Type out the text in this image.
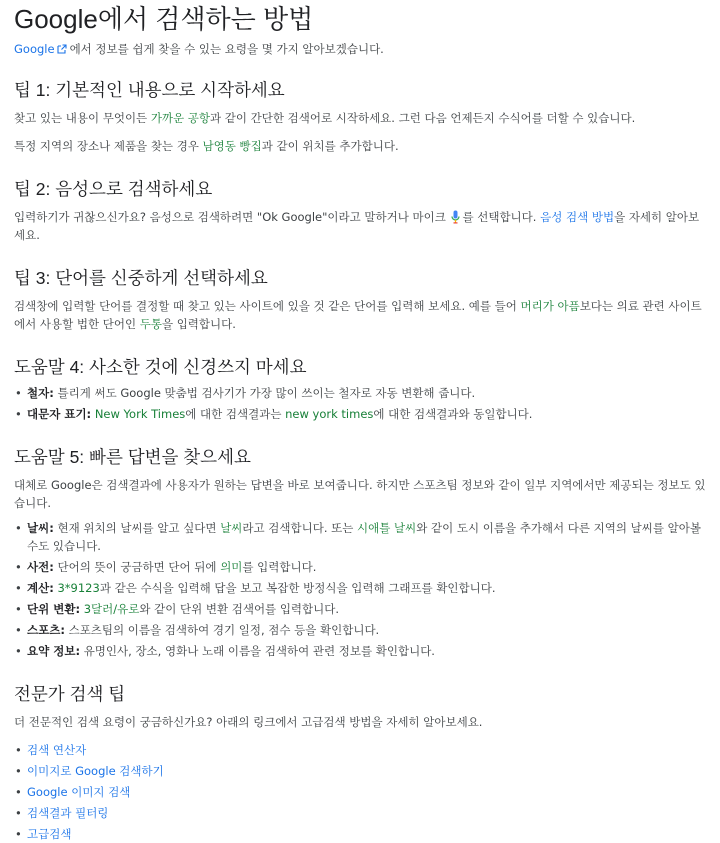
Google에서 검색하는 방법

Google 에서 정보를 쉽게 찾을 수 있는 요령을 몇 가지 알아보겠습니다.

팁 1: 기본적인 내용으로 시작하세요

찾고 있는 내용이 무엇이든 가까운 공항과 같이 간단한 검색어로 시작하세요. 그런 다음 언제든지 수식어를 더할 수 있습니다.

특정 지역의 장소나 제품을 찾는 경우 남영동 빵집과 같이 위치를 추가합니다.

팁 2: 음성으로 검색하세요

입력하기가 귀찮으신가요? 음성으로 검색하려면 "Ok Google"이라고 말하거나 마이크 를 선택합니다. 음성 검색 방법을 자세히 알아보세요.

팁 3: 단어를 신중하게 선택하세요

검색창에 입력할 단어를 결정할 때 찾고 있는 사이트에 있을 것 같은 단어를 입력해 보세요. 예를 들어 머리가 아픔보다는 의료 관련 사이트에서 사용할 법한 단어인 두통을 입력합니다.

도움말 4: 사소한 것에 신경쓰지 마세요
• 철자: 틀리게 써도 Google 맞춤법 검사기가 가장 많이 쓰이는 철자로 자동 변환해 줍니다.
• 대문자 표기: New York Times에 대한 검색결과는 new york times에 대한 검색결과와 동일합니다.
도움말 5: 빠른 답변을 찾으세요

대체로 Google은 검색결과에 사용자가 원하는 답변을 바로 보여줍니다. 하지만 스포츠팀 정보와 같이 일부 지역에서만 제공되는 정보도 있습니다.

• 날씨: 현재 위치의 날씨를 알고 싶다면 날씨라고 검색합니다. 또는 시애틀 날씨와 같이 도시 이름을 추가해서 다른 지역의 날씨를 알아볼 수도 있습니다.
• 사전: 단어의 뜻이 궁금하면 단어 뒤에 의미를 입력합니다.
• 계산: 3*9123과 같은 수식을 입력해 답을 보고 복잡한 방정식을 입력해 그래프를 확인합니다.
• 단위 변환: 3달러/유로와 같이 단위 변환 검색어를 입력합니다.
• 스포츠: 스포츠팀의 이름을 검색하여 경기 일정, 점수 등을 확인합니다.
• 요약 정보: 유명인사, 장소, 영화나 노래 이름을 검색하여 관련 정보를 확인합니다.
전문가 검색 팁

더 전문적인 검색 요령이 궁금하신가요? 아래의 링크에서 고급검색 방법을 자세히 알아보세요.

• 검색 연산자
• 이미지로 Google 검색하기
• Google 이미지 검색
• 검색결과 필터링
• 고급검색
